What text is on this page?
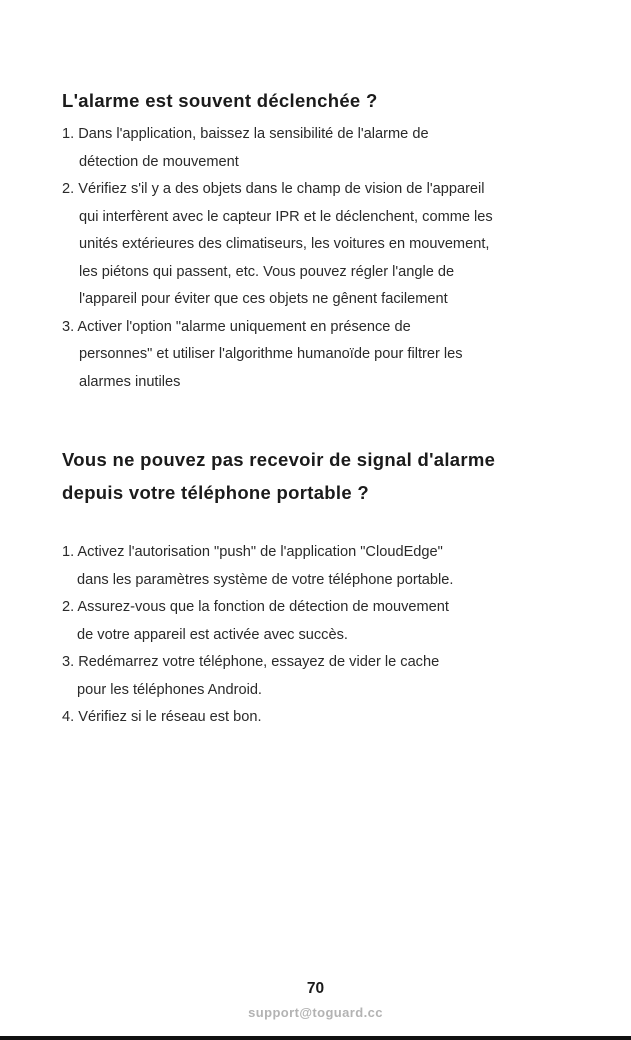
L'alarme est souvent déclenchée ?
1. Dans l'application, baissez la sensibilité de l'alarme de
détection de mouvement
2. Vérifiez s'il y a des objets dans le champ de vision de l'appareil
qui interfèrent avec le capteur IPR et le déclenchent, comme les
unités extérieures des climatiseurs, les voitures en mouvement,
les piétons qui passent, etc. Vous pouvez régler l'angle de
l'appareil pour éviter que ces objets ne gênent facilement
3. Activer l'option "alarme uniquement en présence de
personnes" et utiliser l'algorithme humanoïde pour filtrer les
alarmes inutiles
Vous ne pouvez pas recevoir de signal d'alarme
depuis votre téléphone portable ?
1. Activez l'autorisation "push" de l'application "CloudEdge"
dans les paramètres système de votre téléphone portable.
2. Assurez-vous que la fonction de détection de mouvement
de votre appareil est activée avec succès.
3. Redémarrez votre téléphone, essayez de vider le cache
pour les téléphones Android.
4. Vérifiez si le réseau est bon.
70
support@toguard.cc
